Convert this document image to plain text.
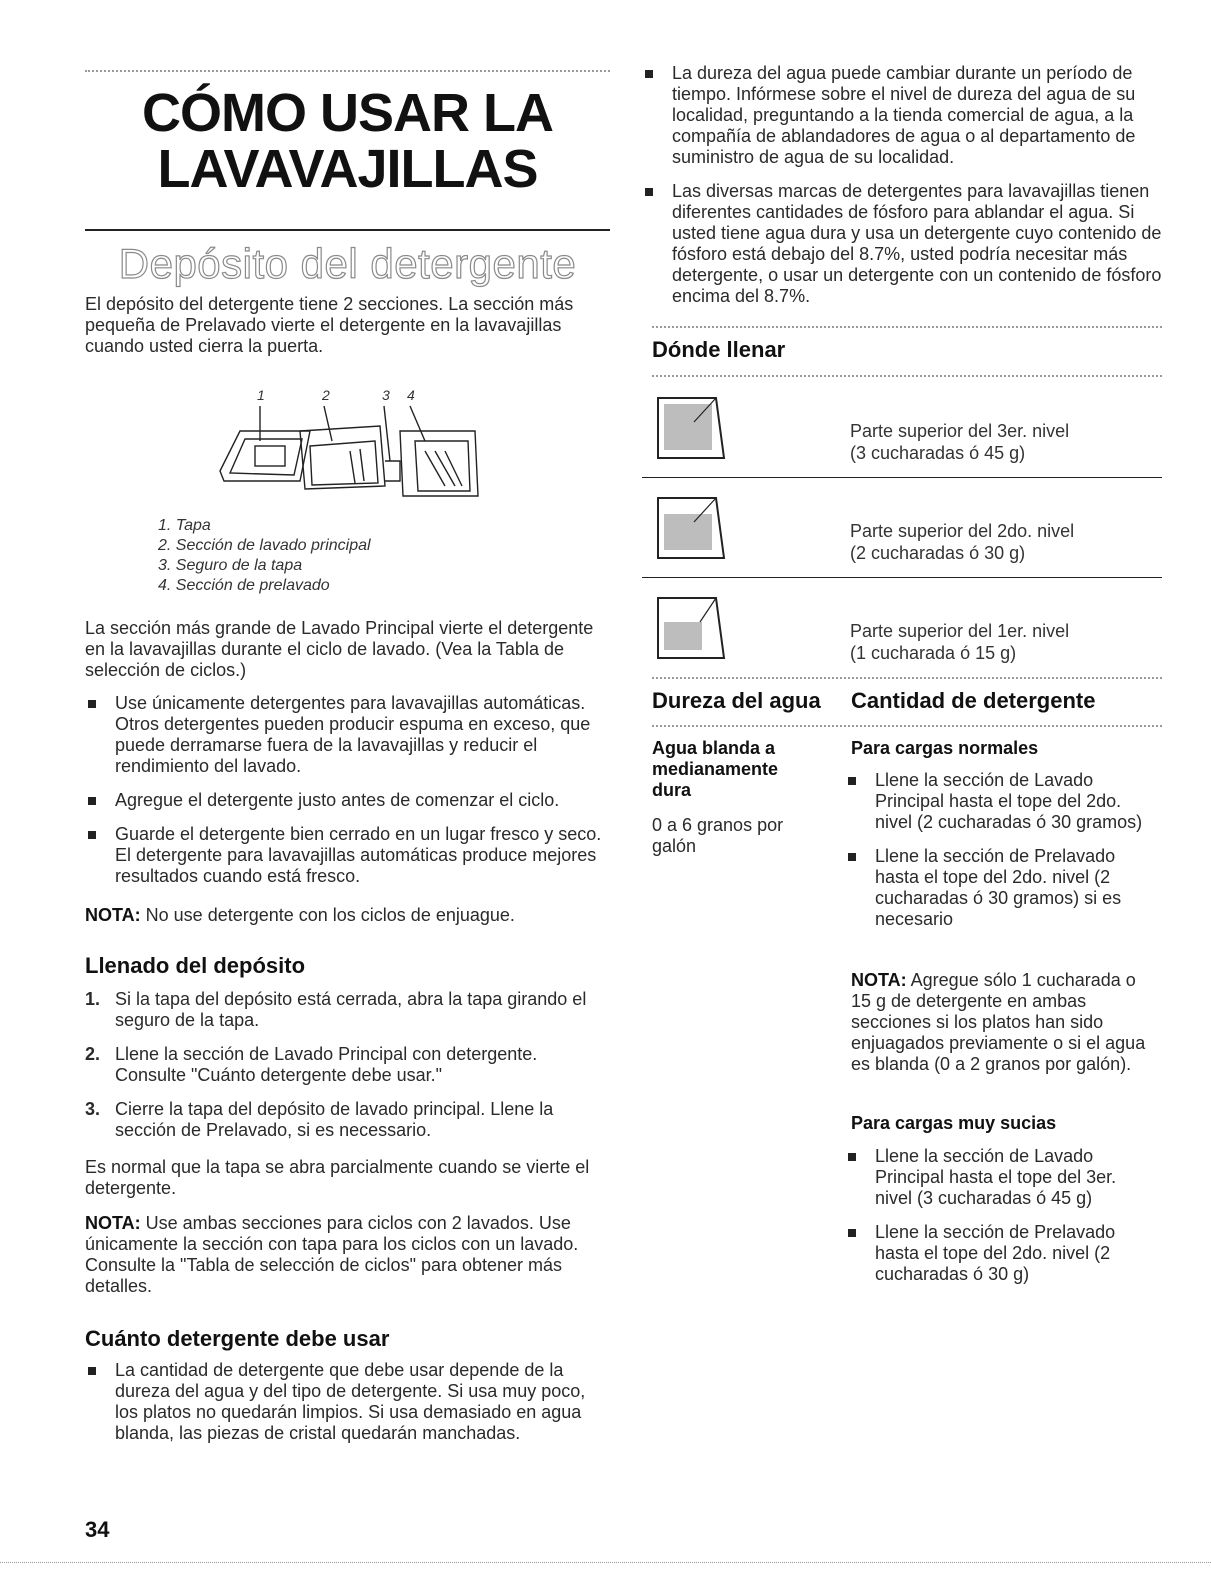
CÓMO USAR LA
LAVAVAJILLAS
Depósito del detergente
El depósito del detergente tiene 2 secciones. La sección más pequeña de Prelavado vierte el detergente en la lavavajillas cuando usted cierra la puerta.
1	2	3 4
1. Tapa
2. Sección de lavado principal
3. Seguro de la tapa
4. Sección de prelavado
La sección más grande de Lavado Principal vierte el detergente en la lavavajillas durante el ciclo de lavado. (Vea la Tabla de selección de ciclos.)
Use únicamente detergentes para lavavajillas automáticas. Otros detergentes pueden producir espuma en exceso, que puede derramarse fuera de la lavavajillas y reducir el rendimiento del lavado.
Agregue el detergente justo antes de comenzar el ciclo.
Guarde el detergente bien cerrado en un lugar fresco y seco. El detergente para lavavajillas automáticas produce mejores resultados cuando está fresco.
NOTA: No use detergente con los ciclos de enjuague.
Llenado del depósito
1. Si la tapa del depósito está cerrada, abra la tapa girando el seguro de la tapa.
2. Llene la sección de Lavado Principal con detergente. Consulte "Cuánto detergente debe usar."
3. Cierre la tapa del depósito de lavado principal. Llene la sección de Prelavado, si es necessario.
Es normal que la tapa se abra parcialmente cuando se vierte el detergente.
NOTA: Use ambas secciones para ciclos con 2 lavados. Use únicamente la sección con tapa para los ciclos con un lavado. Consulte la "Tabla de selección de ciclos" para obtener más detalles.
Cuánto detergente debe usar
La cantidad de detergente que debe usar depende de la dureza del agua y del tipo de detergente. Si usa muy poco, los platos no quedarán limpios. Si usa demasiado en agua blanda, las piezas de cristal quedarán manchadas.
34
La dureza del agua puede cambiar durante un período de tiempo. Infórmese sobre el nivel de dureza del agua de su localidad, preguntando a la tienda comercial de agua, a la compañía de ablandadores de agua o al departamento de suministro de agua de su localidad.
Las diversas marcas de detergentes para lavavajillas tienen diferentes cantidades de fósforo para ablandar el agua. Si usted tiene agua dura y usa un detergente cuyo contenido de fósforo está debajo del 8.7%, usted podría necesitar más detergente, o usar un detergente con un contenido de fósforo encima del 8.7%.
Dónde llenar
Parte superior del 3er. nivel
(3 cucharadas ó 45 g)
Parte superior del 2do. nivel
(2 cucharadas ó 30 g)
Parte superior del 1er. nivel
(1 cucharada ó 15 g)
Dureza del agua Cantidad de detergente
Agua blanda a medianamente dura
0 a 6 granos por galón
Para cargas normales
Llene la sección de Lavado Principal hasta el tope del 2do. nivel (2 cucharadas ó 30 gramos)
Llene la sección de Prelavado hasta el tope del 2do. nivel (2 cucharadas ó 30 gramos) si es necesario
NOTA: Agregue sólo 1 cucharada o 15 g de detergente en ambas secciones si los platos han sido enjuagados previamente o si el agua es blanda (0 a 2 granos por galón).
Para cargas muy sucias
Llene la sección de Lavado Principal hasta el tope del 3er. nivel (3 cucharadas ó 45 g)
Llene la sección de Prelavado hasta el tope del 2do. nivel (2 cucharadas ó 30 g)
